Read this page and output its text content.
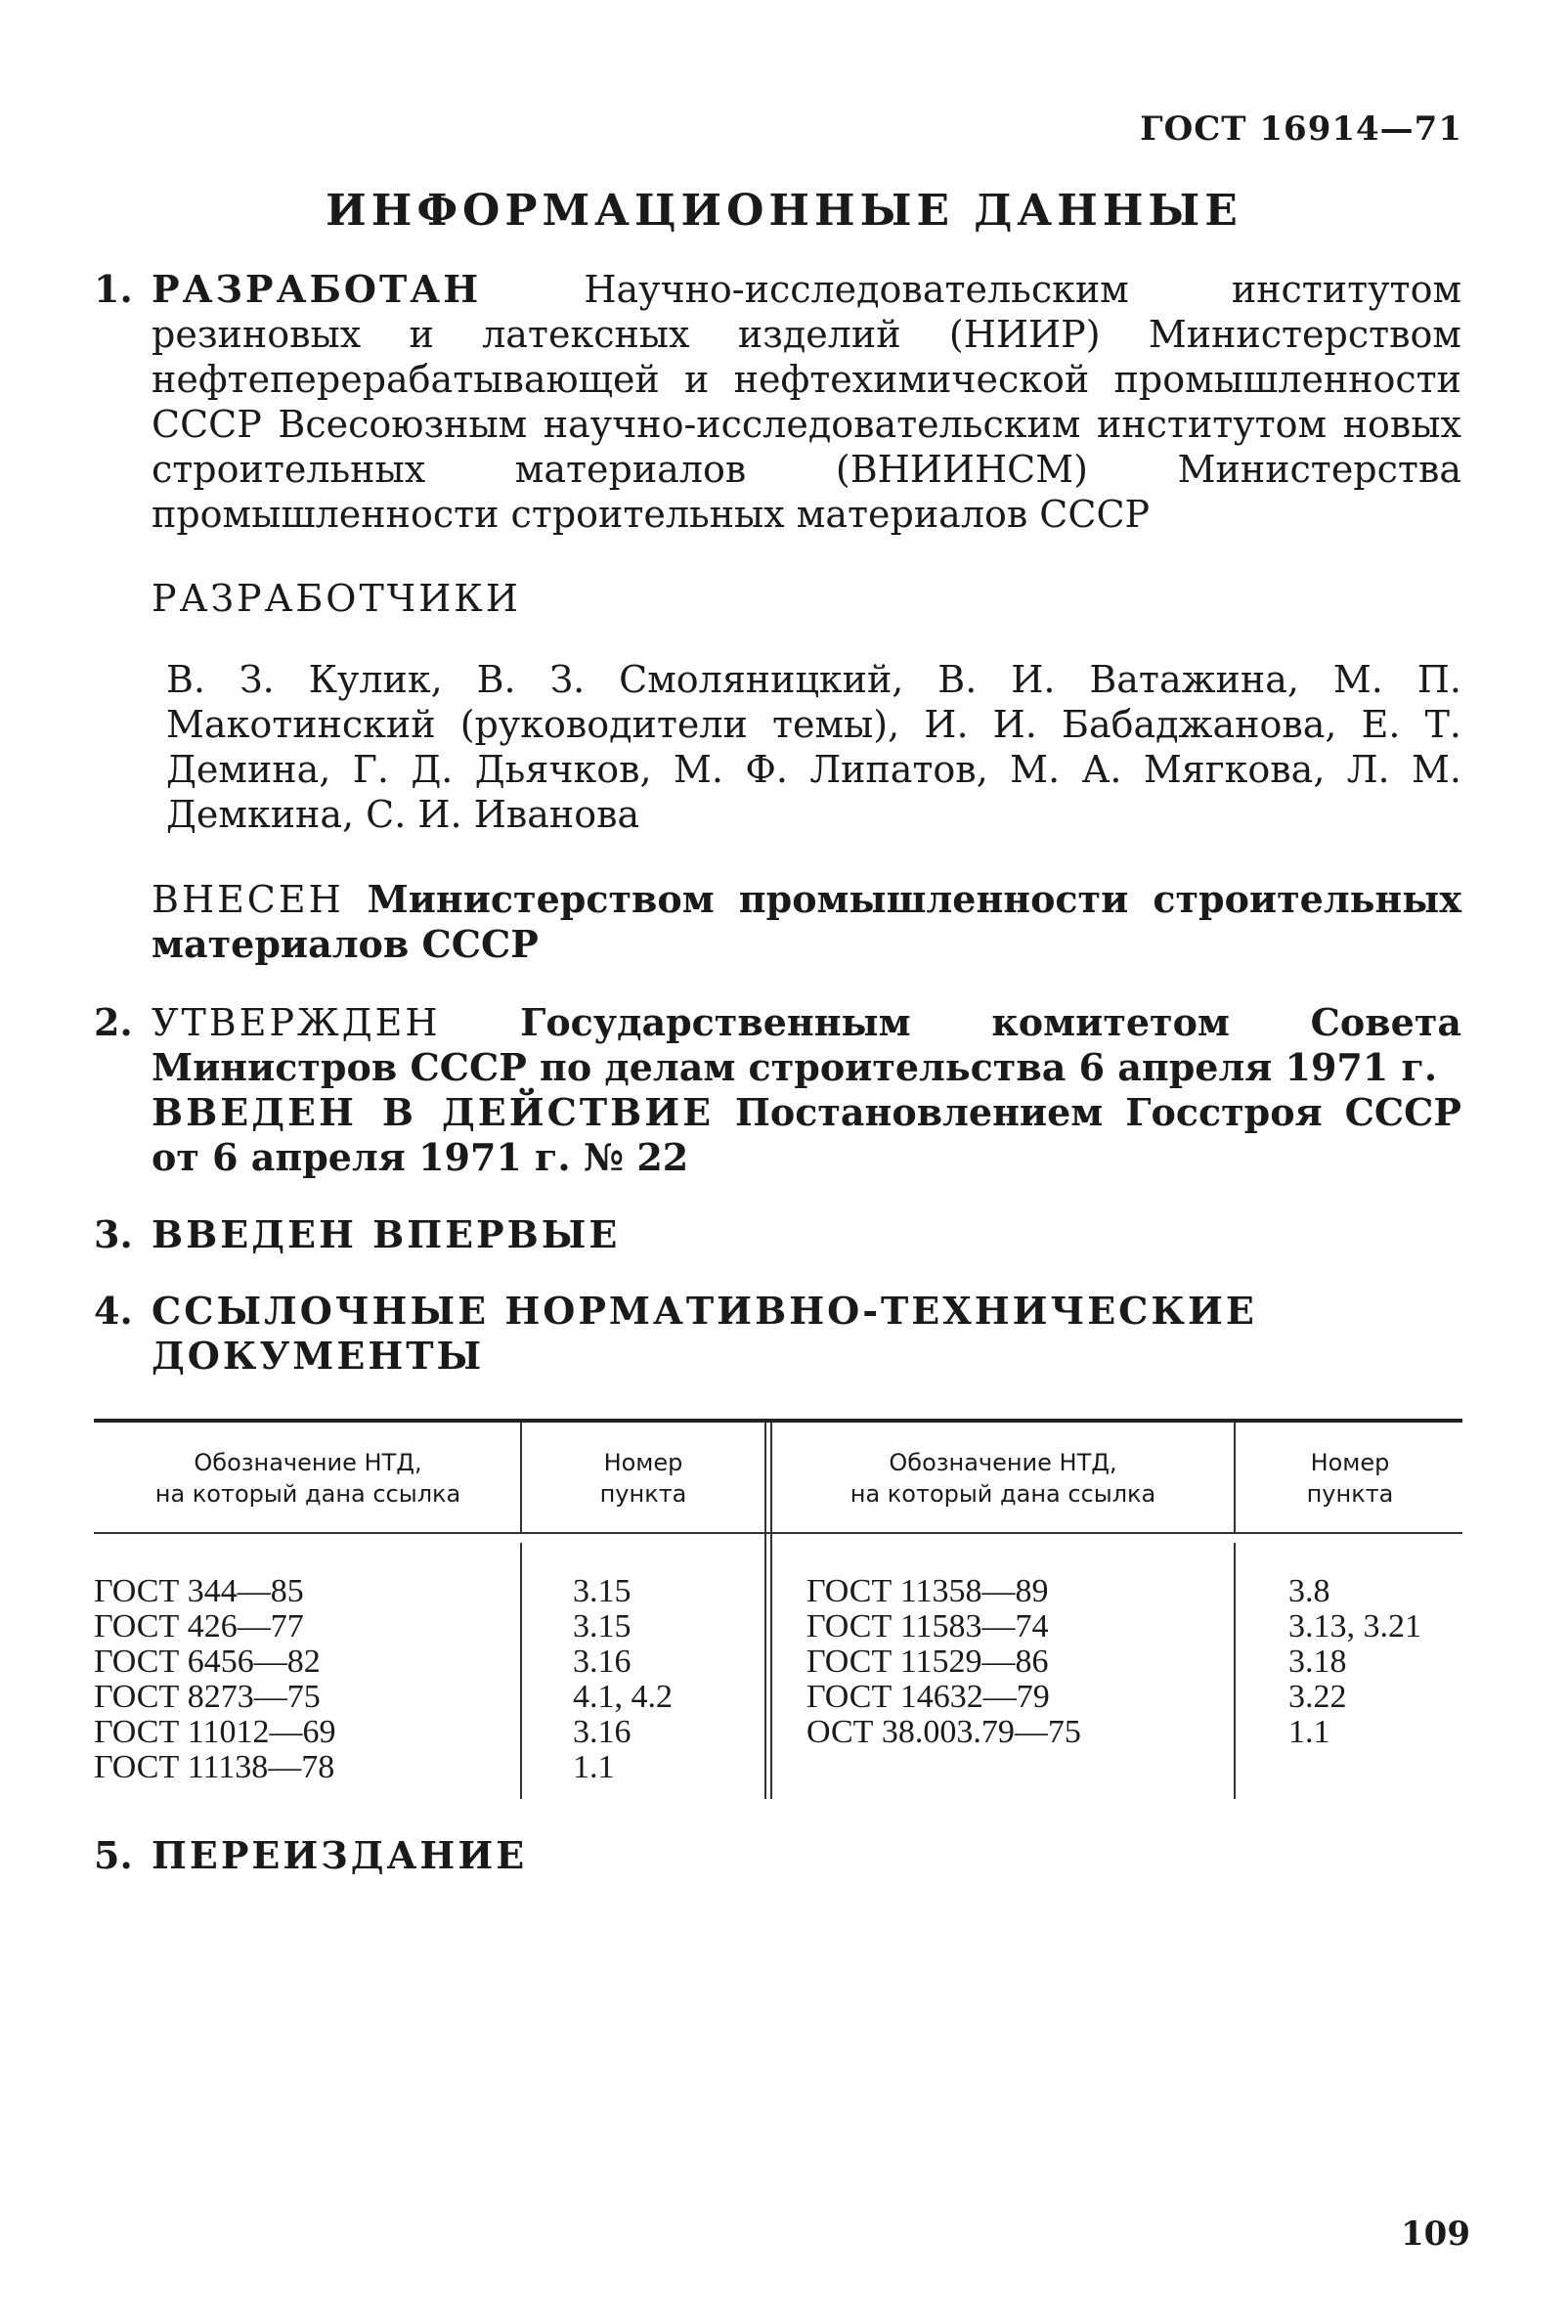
ГОСТ 16914—71
ИНФОРМАЦИОННЫЕ ДАННЫЕ
1. РАЗРАБОТАН	Научно-исследовательским институтом резиновых и латексных изделий (НИИР) Министерством нефтеперерабатывающей и нефтехимической промышленности СССР Всесоюзным научно-исследовательским институтом новых строительных материалов (ВНИИНСМ) Министерства промышленности строительных материалов СССР
РАЗРАБОТЧИКИ
В. З. Кулик, В. З. Смоляницкий, В. И. Ватажина, М. П. Макотинский (руководители темы), И. И. Бабаджанова, Е. Т. Демина, Г. Д. Дьячков, М. Ф. Липатов, М. А. Мягкова, Л. М. Демкина, С. И. Иванова
ВНЕСЕН Министерством промышленности строительных материалов СССР
2. УТВЕРЖДЕН Государственным комитетом Совета Министров СССР по делам строительства 6 апреля 1971 г.
ВВЕДЕН В ДЕЙСТВИЕ Постановлением Госстроя СССР от 6 апреля 1971 г. № 22
3. ВВЕДЕН ВПЕРВЫЕ
4. ССЫЛОЧНЫЕ НОРМАТИВНО-ТЕХНИЧЕСКИЕ ДОКУМЕНТЫ
Обозначение НТД,
на который дана ссылка
Номер
пункта
Обозначение НТД,
на который дана ссылка
Номер
пункта
ГОСТ 344—85
ГОСТ 426—77
ГОСТ 6456—82
ГОСТ 8273—75
ГОСТ 11012—69
ГОСТ 11138—78
3.15
3.15
3.16
4.1, 4.2
3.16
1.1
ГОСТ 11358—89
ГОСТ 11583—74
ГОСТ 11529—86
ГОСТ 14632—79
ОСТ 38.003.79—75
3.8
3.13, 3.21
3.18
3.22
1.1
5. ПЕРЕИЗДАНИЕ
109
